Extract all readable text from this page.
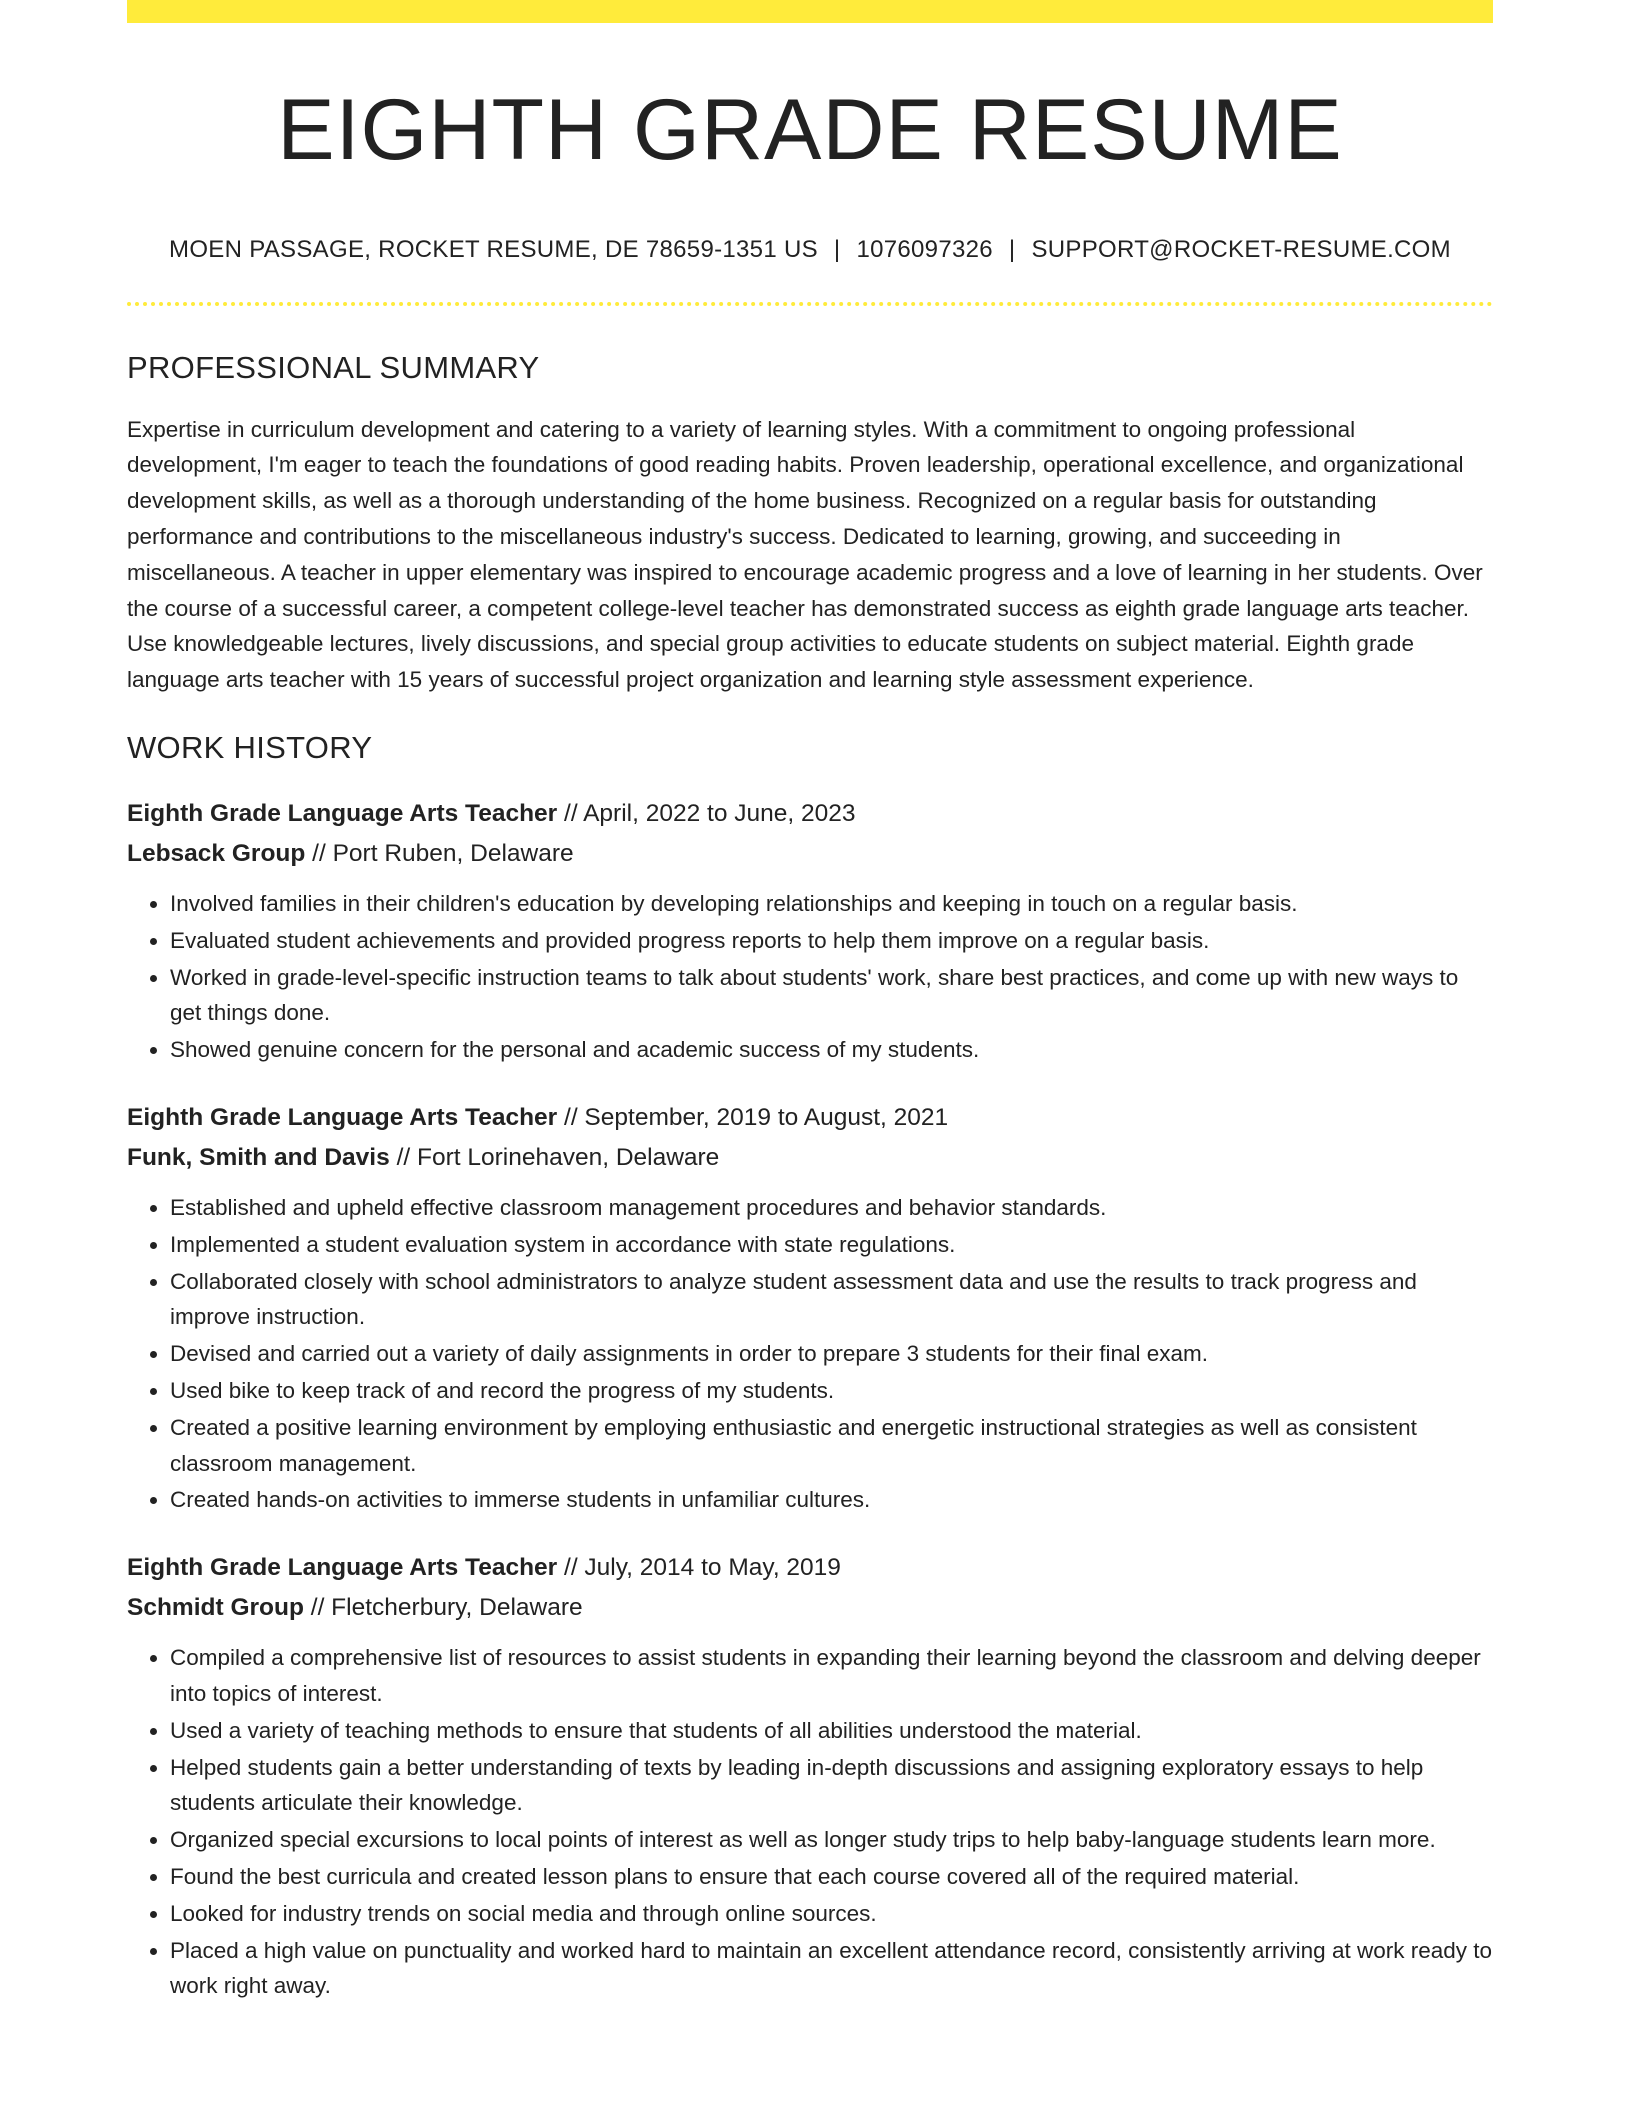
EIGHTH GRADE RESUME
MOEN PASSAGE, ROCKET RESUME, DE 78659-1351 US | 1076097326 | SUPPORT@ROCKET-RESUME.COM
PROFESSIONAL SUMMARY

Expertise in curriculum development and catering to a variety of learning styles. With a commitment to ongoing professional development, I'm eager to teach the foundations of good reading habits. Proven leadership, operational excellence, and organizational development skills, as well as a thorough understanding of the home business. Recognized on a regular basis for outstanding performance and contributions to the miscellaneous industry's success. Dedicated to learning, growing, and succeeding in miscellaneous. A teacher in upper elementary was inspired to encourage academic progress and a love of learning in her students. Over the course of a successful career, a competent college-level teacher has demonstrated success as eighth grade language arts teacher. Use knowledgeable lectures, lively discussions, and special group activities to educate students on subject material. Eighth grade language arts teacher with 15 years of successful project organization and learning style assessment experience.

WORK HISTORY
Eighth Grade Language Arts Teacher // April, 2022 to June, 2023
Lebsack Group // Port Ruben, Delaware
• Involved families in their children's education by developing relationships and keeping in touch on a regular basis.
• Evaluated student achievements and provided progress reports to help them improve on a regular basis.
• Worked in grade-level-specific instruction teams to talk about students' work, share best practices, and come up with new ways to get things done.
• Showed genuine concern for the personal and academic success of my students.
Eighth Grade Language Arts Teacher // September, 2019 to August, 2021
Funk, Smith and Davis // Fort Lorinehaven, Delaware
• Established and upheld effective classroom management procedures and behavior standards.
• Implemented a student evaluation system in accordance with state regulations.
• Collaborated closely with school administrators to analyze student assessment data and use the results to track progress and improve instruction.
• Devised and carried out a variety of daily assignments in order to prepare 3 students for their final exam.
• Used bike to keep track of and record the progress of my students.
• Created a positive learning environment by employing enthusiastic and energetic instructional strategies as well as consistent classroom management.
• Created hands-on activities to immerse students in unfamiliar cultures.
Eighth Grade Language Arts Teacher // July, 2014 to May, 2019
Schmidt Group // Fletcherbury, Delaware
• Compiled a comprehensive list of resources to assist students in expanding their learning beyond the classroom and delving deeper into topics of interest.
• Used a variety of teaching methods to ensure that students of all abilities understood the material.
• Helped students gain a better understanding of texts by leading in-depth discussions and assigning exploratory essays to help students articulate their knowledge.
• Organized special excursions to local points of interest as well as longer study trips to help baby-language students learn more.
• Found the best curricula and created lesson plans to ensure that each course covered all of the required material.
• Looked for industry trends on social media and through online sources.
• Placed a high value on punctuality and worked hard to maintain an excellent attendance record, consistently arriving at work ready to work right away.
